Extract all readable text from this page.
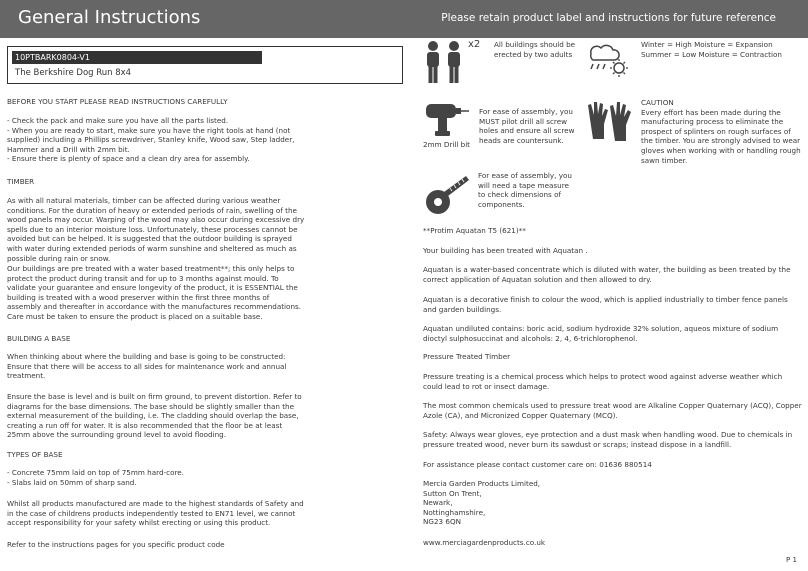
General Instructions	Please retain product label and instructions for future reference
10PTBARK0804-V1
The Berkshire Dog Run 8x4
BEFORE YOU START PLEASE READ INSTRUCTIONS CAREFULLY

- Check the pack and make sure you have all the parts listed.

- When you are ready to start, make sure you have the right tools at hand (not supplied) including a Phillips screwdriver, Stanley knife, Wood saw, Step ladder, Hammer and a Drill with 2mm bit.

- Ensure there is plenty of space and a clean dry area for assembly.

TIMBER
As with all natural materials, timber can be affected during various weather conditions. For the duration of heavy or extended periods of rain, swelling of the wood panels may occur. Warping of the wood may also occur during excessive dry spells due to an interior moisture loss. Unfortunately, these processes cannot be avoided but can be helped. It is suggested that the outdoor building is sprayed with water during extended periods of warm sunshine and sheltered as much as possible during rain or snow.
Our buildings are pre treated with a water based treatment**; this only helps to protect the product during transit and for up to 3 months against mould. To validate your guarantee and ensure longevity of the product, it is ESSENTIAL the building is treated with a wood preserver within the first three months of assembly and thereafter in accordance with the manufactures recommendations. Care must be taken to ensure the product is placed on a suitable base.
BUILDING A BASE
When thinking about where the building and base is going to be constructed: Ensure that there will be access to all sides for maintenance work and annual treatment.
Ensure the base is level and is built on firm ground, to prevent distortion. Refer to diagrams for the base dimensions. The base should be slightly smaller than the external measurement of the building, i.e. The cladding should overlap the base, creating a run off for water. It is also recommended that the floor be at least 25mm above the surrounding ground level to avoid flooding.
TYPES OF BASE

- Concrete 75mm laid on top of 75mm hard-core.

- Slabs laid on 50mm of sharp sand.

Whilst all products manufactured are made to the highest standards of Safety and in the case of childrens products independently tested to EN71 level, we cannot accept responsibility for your safety whilst erecting or using this product.
Refer to the instructions pages for you specific product code
x2 All buildings should be erected by two adults

Winter = High Moisture = Expansion

Summer = Low Moisture = Contraction

2mm Drill bit
For ease of assembly, you MUST pilot drill all screw holes and ensure all screw heads are countersunk.

CAUTION

Every effort has been made during the manufacturing process to eliminate the prospect of splinters on rough surfaces of the timber. You are strongly advised to wear gloves when working with or handling rough sawn timber.

For ease of assembly, you will need a tape measure to check dimensions of components.
**Protim Aquatan T5 (621)**
Your building has been treated with Aquatan .
Aquatan is a water-based concentrate which is diluted with water, the building as been treated by the correct application of Aquatan solution and then allowed to dry.
Aquatan is a decorative finish to colour the wood, which is applied industrially to timber fence panels and garden buildings.
Aquatan undiluted contains: boric acid, sodium hydroxide 32% solution, aqueos mixture of sodium dioctyl sulphosuccinat and alcohols: 2, 4, 6-trichlorophenol.
Pressure Treated Timber
Pressure treating is a chemical process which helps to protect wood against adverse weather which could lead to rot or insect damage.
The most common chemicals used to pressure treat wood are Alkaline Copper Quaternary (ACQ), Copper Azole (CA), and Micronized Copper Quaternary (MCQ).
Safety: Always wear gloves, eye protection and a dust mask when handling wood. Due to chemicals in pressure treated wood, never burn its sawdust or scraps; instead dispose in a landfill.
For assistance please contact customer care on: 01636 880514

Mercia Garden Products Limited,

Sutton On Trent,

Newark,

Nottinghamshire,

NG23 6QN

www.merciagardenproducts.co.uk
P 1
